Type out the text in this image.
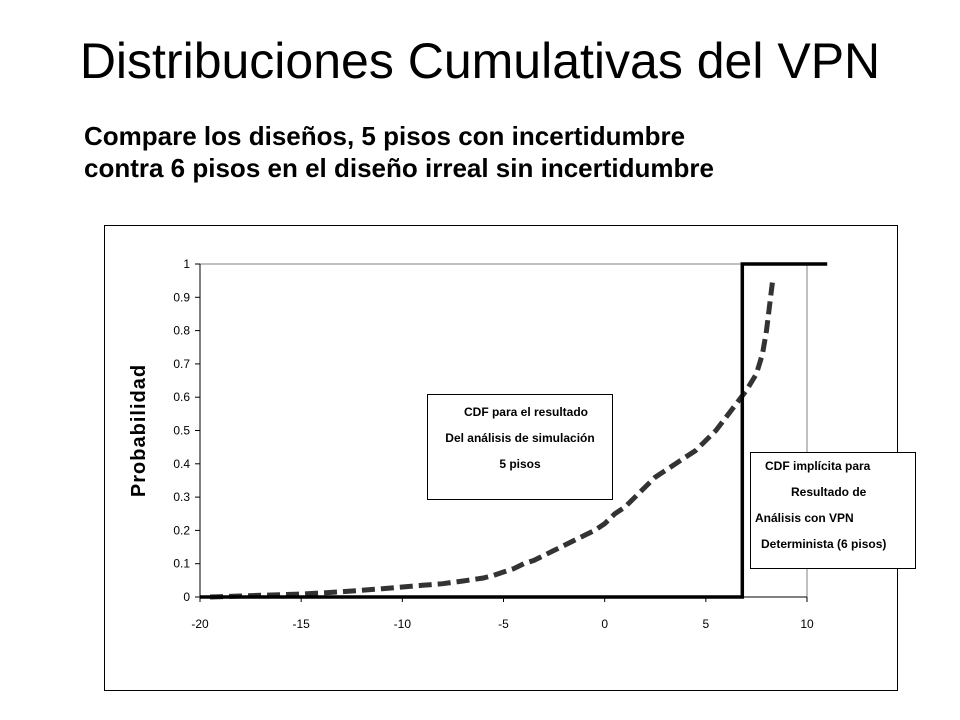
Distribuciones Cumulativas del VPN
Compare los diseños, 5 pisos con incertidumbre
contra 6 pisos en el diseño irreal sin incertidumbre
0
0.1
0.2
0.3
0.4
0.5
0.6
0.7
0.8
0.9
1
-20	-15	-10	-5	0	5	10
Probabilidad	CDF para el resultado
Del análisis de simulación
5 pisos	CDF implícita para
Resultado de
Análisis con VPN
Determinista (6 pisos)
